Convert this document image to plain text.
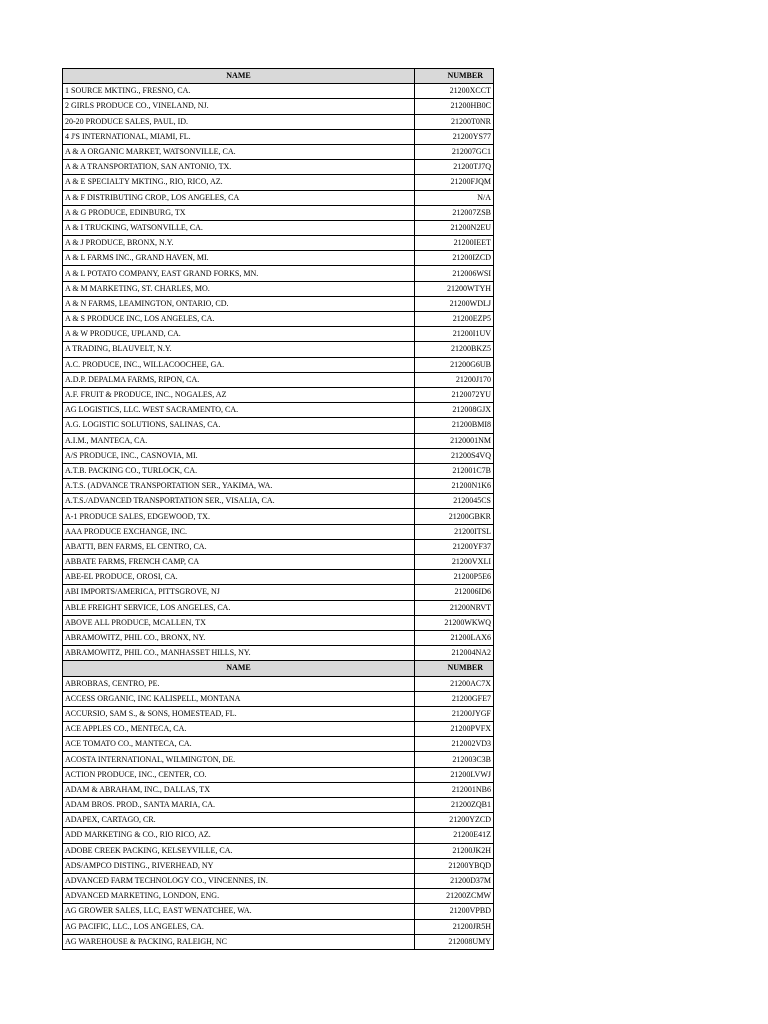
NAME	NUMBER
1 SOURCE MKTING., FRESNO, CA.	21200XCCT
2 GIRLS PRODUCE CO., VINELAND, NJ.	21200HB0C
20-20 PRODUCE SALES, PAUL, ID.	21200T0NR
4 J'S INTERNATIONAL, MIAMI, FL.	21200YS77
A & A ORGANIC MARKET, WATSONVILLE, CA.	212007GC1
A & A TRANSPORTATION, SAN ANTONIO, TX.	21200TJ7Q
A & E SPECIALTY MKTING., RIO, RICO, AZ.	21200FJQM
A & F DISTRIBUTING CROP., LOS ANGELES, CA	N/A
A & G PRODUCE, EDINBURG, TX	212007ZSB
A & I TRUCKING, WATSONVILLE, CA.	21200N2EU
A & J PRODUCE, BRONX, N.Y.	21200IEET
A & L FARMS INC., GRAND HAVEN, MI.	21200IZCD
A & L POTATO COMPANY, EAST GRAND FORKS, MN.	212006WSI
A & M MARKETING, ST. CHARLES, MO.	21200WTYH
A & N FARMS, LEAMINGTON, ONTARIO, CD.	21200WDLJ
A & S PRODUCE INC, LOS ANGELES, CA.	21200EZP5
A & W PRODUCE, UPLAND, CA.	21200I1UV
A TRADING, BLAUVELT, N.Y.	21200BKZ5
A.C. PRODUCE, INC., WILLACOOCHEE, GA.	21200G6UB
A.D.P. DEPALMA FARMS, RIPON, CA.	21200J170
A.F. FRUIT & PRODUCE, INC., NOGALES, AZ	2120072YU
AG LOGISTICS, LLC. WEST SACRAMENTO, CA.	212008GJX
A.G. LOGISTIC SOLUTIONS, SALINAS, CA.	21200BMI8
A.I.M., MANTECA, CA.	2120001NM
A/S PRODUCE, INC., CASNOVIA, MI.	21200S4VQ
A.T.B. PACKING CO., TURLOCK, CA.	212001C7B
A.T.S. (ADVANCE TRANSPORTATION SER., YAKIMA, WA.	21200N1K6
A.T.S./ADVANCED TRANSPORTATION SER., VISALIA, CA.	2120045CS
A-1 PRODUCE SALES, EDGEWOOD, TX.	21200GBKR
AAA PRODUCE EXCHANGE, INC.	21200ITSL
ABATTI, BEN FARMS, EL CENTRO, CA.	21200YF37
ABBATE FARMS, FRENCH CAMP, CA	21200VXLI
ABE-EL PRODUCE, OROSI, CA.	21200P5E6
ABI IMPORTS/AMERICA, PITTSGROVE, NJ	212006ID6
ABLE FREIGHT SERVICE, LOS ANGELES, CA.	21200NRVT
ABOVE ALL PRODUCE, MCALLEN, TX	21200WKWQ
ABRAMOWITZ, PHIL CO., BRONX, NY.	21200LAX6
ABRAMOWITZ, PHIL CO., MANHASSET HILLS, NY.	212004NA2
NAME	NUMBER
ABROBRAS, CENTRO, PE.	21200AC7X
ACCESS ORGANIC, INC KALISPELL, MONTANA	21200GFE7
ACCURSIO, SAM S., & SONS, HOMESTEAD, FL.	21200JYGF
ACE APPLES CO., MENTECA, CA.	21200PVFX
ACE TOMATO CO., MANTECA, CA.	212002VD3
ACOSTA INTERNATIONAL, WILMINGTON, DE.	212003C3B
ACTION PRODUCE, INC., CENTER, CO.	21200LVWJ
ADAM & ABRAHAM, INC., DALLAS, TX	212001NB6
ADAM BROS. PROD., SANTA MARIA, CA.	21200ZQB1
ADAPEX, CARTAGO, CR.	21200YZCD
ADD MARKETING & CO., RIO RICO, AZ.	21200E41Z
ADOBE CREEK PACKING, KELSEYVILLE, CA.	21200JK2H
ADS/AMPCO DISTING., RIVERHEAD, NY	21200YBQD
ADVANCED FARM TECHNOLOGY CO., VINCENNES, IN.	21200D37M
ADVANCED MARKETING, LONDON, ENG.	21200ZCMW
AG GROWER SALES, LLC, EAST WENATCHEE, WA.	21200VPBD
AG PACIFIC, LLC., LOS ANGELES, CA.	21200JR5H
AG WAREHOUSE & PACKING, RALEIGH, NC	212008UMY
